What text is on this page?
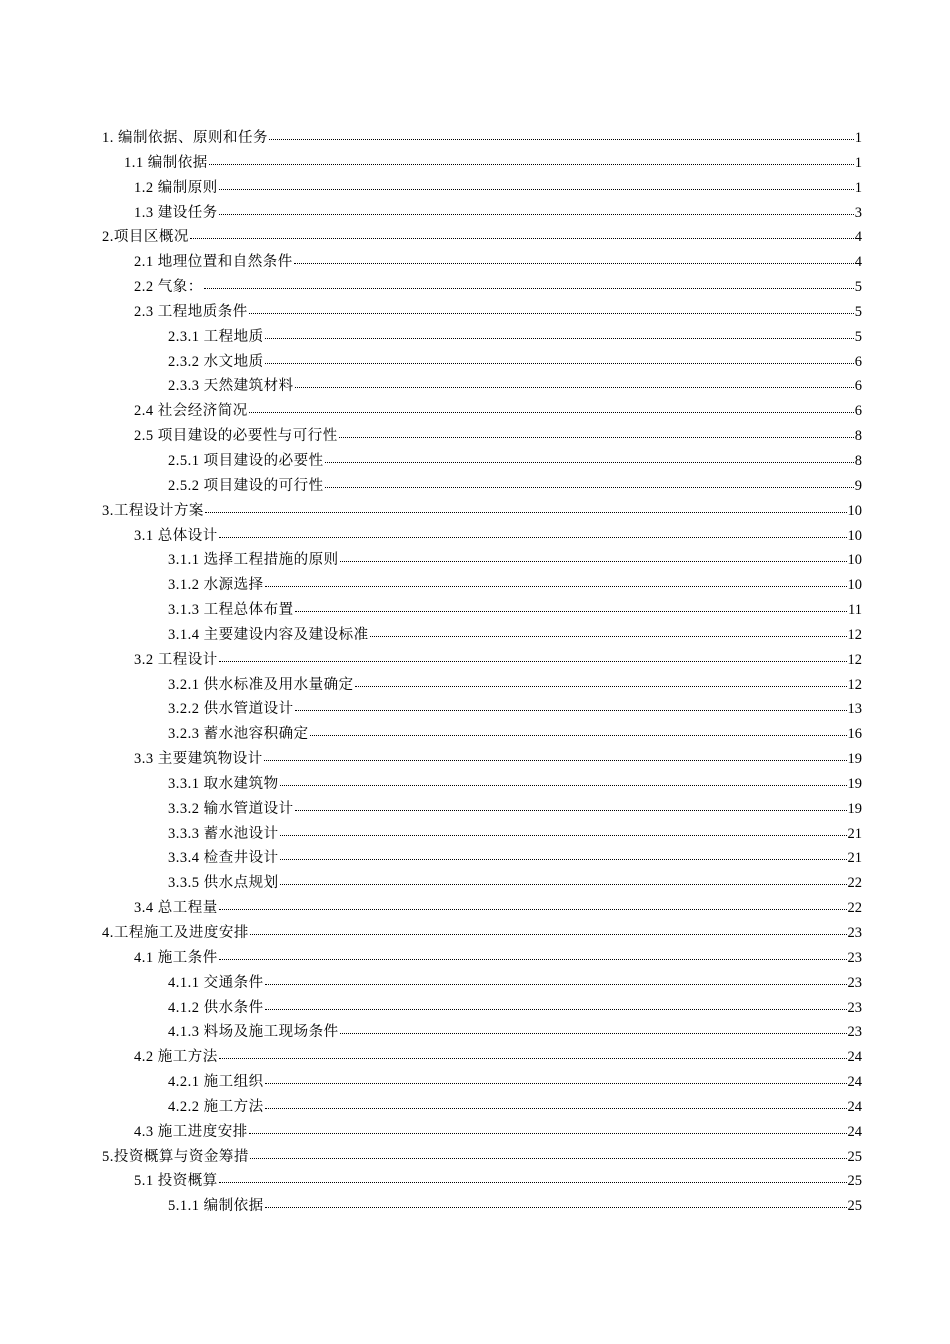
1. 编制依据、原则和任务	1
1.1 编制依据	1
1.2 编制原则	1
1.3 建设任务	3
2.项目区概况	4
2.1 地理位置和自然条件	4
2.2 气象：	5
2.3 工程地质条件	5
2.3.1 工程地质	5
2.3.2 水文地质	6
2.3.3 天然建筑材料	6
2.4 社会经济简况	6
2.5 项目建设的必要性与可行性	8
2.5.1 项目建设的必要性	8
2.5.2 项目建设的可行性	9
3.工程设计方案	10
3.1 总体设计	10
3.1.1 选择工程措施的原则	10
3.1.2 水源选择	10
3.1.3 工程总体布置	11
3.1.4 主要建设内容及建设标准	12
3.2 工程设计	12
3.2.1 供水标准及用水量确定	12
3.2.2 供水管道设计	13
3.2.3 蓄水池容积确定	16
3.3 主要建筑物设计	19
3.3.1 取水建筑物	19
3.3.2 输水管道设计	19
3.3.3 蓄水池设计	21
3.3.4 检查井设计	21
3.3.5 供水点规划	22
3.4 总工程量	22
4.工程施工及进度安排	23
4.1 施工条件	23
4.1.1 交通条件	23
4.1.2 供水条件	23
4.1.3 料场及施工现场条件	23
4.2 施工方法	24
4.2.1 施工组织	24
4.2.2 施工方法	24
4.3 施工进度安排	24
5.投资概算与资金筹措	25
5.1 投资概算	25
5.1.1 编制依据	25
